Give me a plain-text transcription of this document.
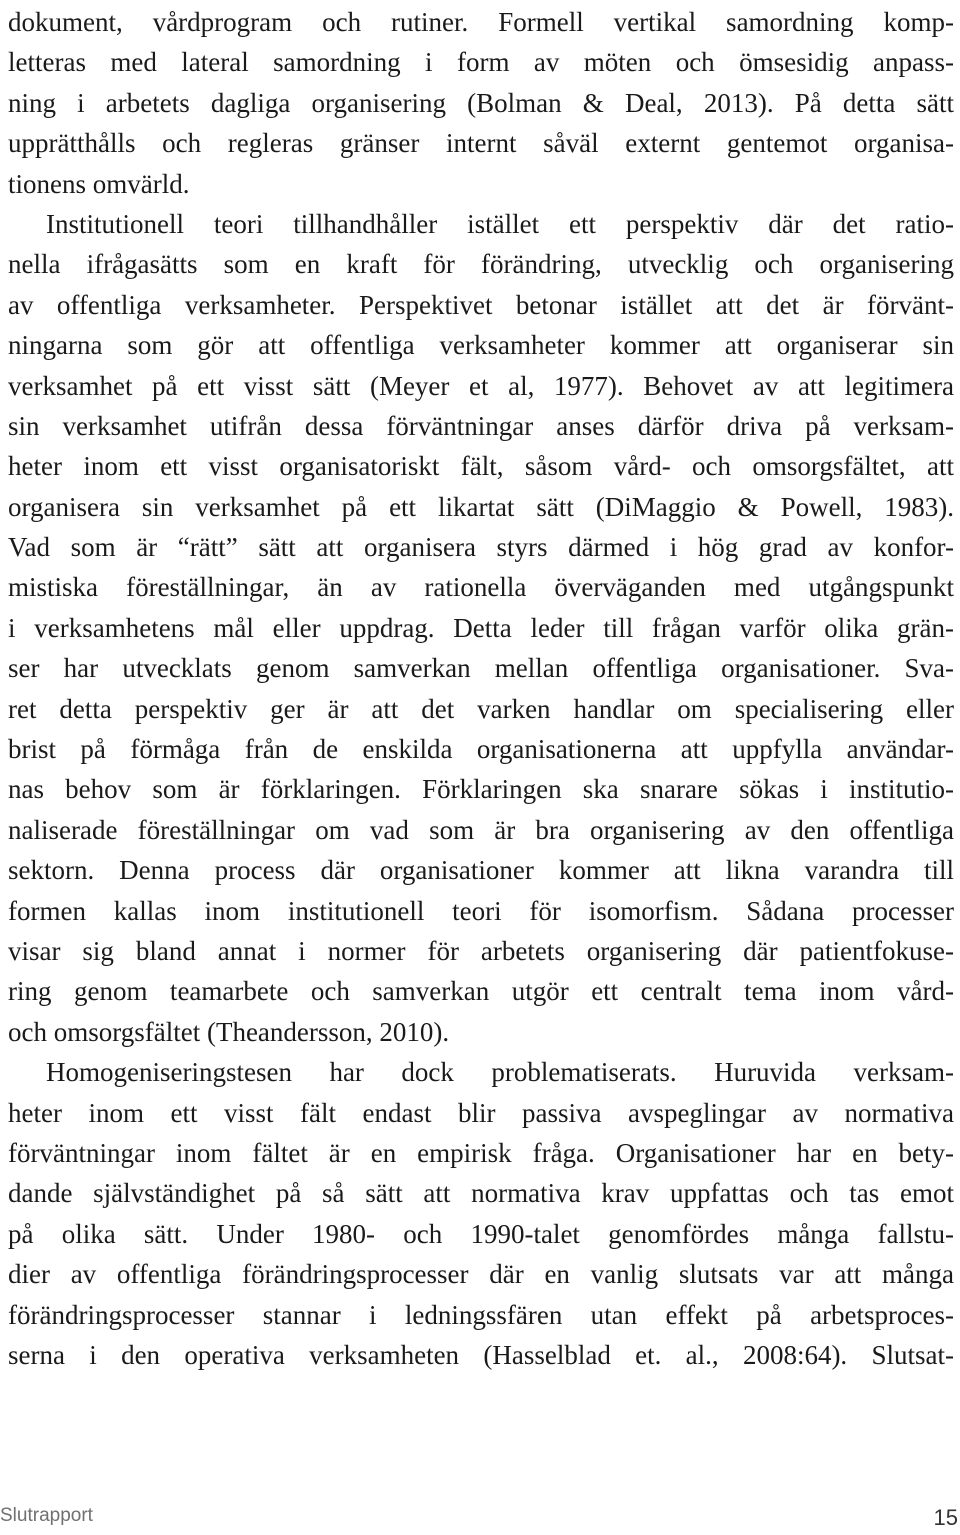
dokument, vårdprogram och rutiner. Formell vertikal samordning komp-
letteras med lateral samordning i form av möten och ömsesidig anpass-
ning i arbetets dagliga organisering (Bolman & Deal, 2013). På detta sätt
upprätthålls och regleras gränser internt såväl externt gentemot organisa-
tionens omvärld.
Institutionell teori tillhandhåller istället ett perspektiv där det ratio-
nella ifrågasätts som en kraft för förändring, utvecklig och organisering
av offentliga verksamheter. Perspektivet betonar istället att det är förvänt-
ningarna som gör att offentliga verksamheter kommer att organiserar sin
verksamhet på ett visst sätt (Meyer et al, 1977). Behovet av att legitimera
sin verksamhet utifrån dessa förväntningar anses därför driva på verksam-
heter inom ett visst organisatoriskt fält, såsom vård- och omsorgsfältet, att
organisera sin verksamhet på ett likartat sätt (DiMaggio & Powell, 1983).
Vad som är “rätt” sätt att organisera styrs därmed i hög grad av konfor-
mistiska föreställningar, än av rationella överväganden med utgångspunkt
i verksamhetens mål eller uppdrag. Detta leder till frågan varför olika grän-
ser har utvecklats genom samverkan mellan offentliga organisationer. Sva-
ret detta perspektiv ger är att det varken handlar om specialisering eller
brist på förmåga från de enskilda organisationerna att uppfylla användar-
nas behov som är förklaringen. Förklaringen ska snarare sökas i institutio-
naliserade föreställningar om vad som är bra organisering av den offentliga
sektorn. Denna process där organisationer kommer att likna varandra till
formen kallas inom institutionell teori för isomorfism. Sådana processer
visar sig bland annat i normer för arbetets organisering där patientfokuse-
ring genom teamarbete och samverkan utgör ett centralt tema inom vård-
och omsorgsfältet (Theandersson, 2010).
Homogeniseringstesen har dock problematiserats. Huruvida verksam-
heter inom ett visst fält endast blir passiva avspeglingar av normativa
förväntningar inom fältet är en empirisk fråga. Organisationer har en bety-
dande självständighet på så sätt att normativa krav uppfattas och tas emot
på olika sätt. Under 1980- och 1990-talet genomfördes många fallstu-
dier av offentliga förändringsprocesser där en vanlig slutsats var att många
förändringsprocesser stannar i ledningssfären utan effekt på arbetsproces-
serna i den operativa verksamheten (Hasselblad et. al., 2008:64). Slutsat-
Slutrapport	15
